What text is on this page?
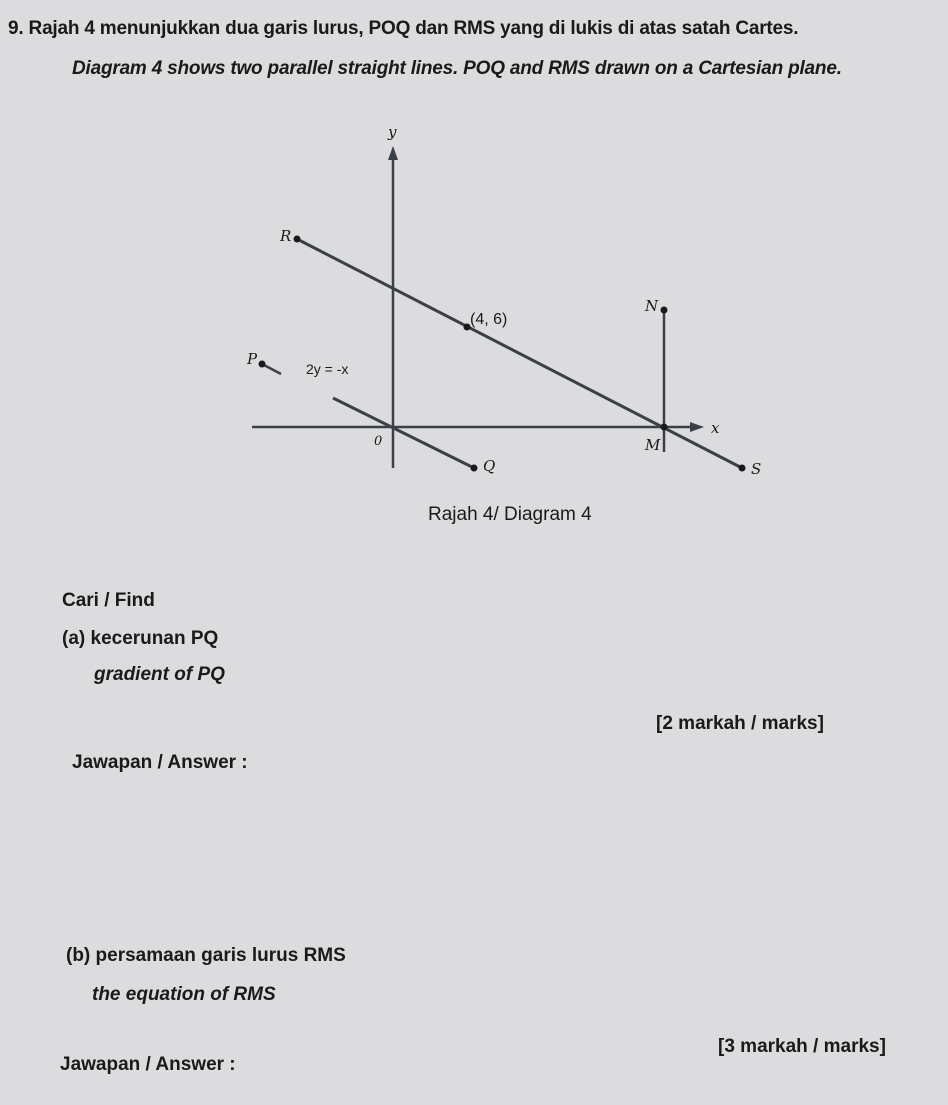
9. Rajah 4 menunjukkan dua garis lurus, POQ dan RMS yang di lukis di atas satah Cartes.
Diagram 4 shows two parallel straight lines. POQ and RMS drawn on a Cartesian plane.
y
x
0
R
N
P
M
Q	S
(4, 6)
2y = -x
Rajah 4/ Diagram 4
Cari / Find
(a) kecerunan PQ
gradient of PQ
[2 markah / marks]
Jawapan / Answer :
(b) persamaan garis lurus RMS
the equation of RMS
[3 markah / marks]
Jawapan / Answer :
